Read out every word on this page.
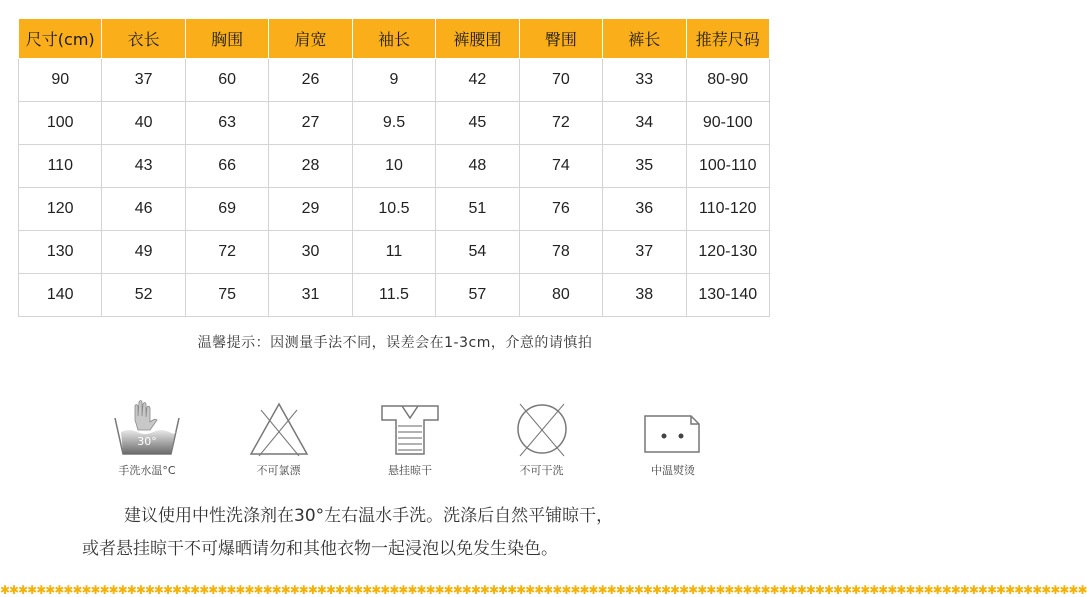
尺寸(cm)	衣长	胸围	肩宽	袖长	裤腰围	臀围	裤长	推荐尺码
90	37	60	26	9	42	70	33	80-90
100	40	63	27	9.5	45	72	34	90-100
110	43	66	28	10	48	74	35	100-110
120	46	69	29	10.5	51	76	36	110-120
130	49	72	30	11	54	78	37	120-130
140	52	75	31	11.5	57	80	38	130-140
温馨提示：因测量手法不同，误差会在1-3cm，介意的请慎拍
30°
手洗水温°C	不可氯漂	悬挂晾干	不可干洗	中温熨烫

建议使用中性洗涤剂在30°左右温水手洗。洗涤后自然平铺晾干，

或者悬挂晾干不可爆晒请勿和其他衣物一起浸泡以免发生染色。

✱✱✱✱✱✱✱✱✱✱✱✱✱✱✱✱✱✱✱✱✱✱✱✱✱✱✱✱✱✱✱✱✱✱✱✱✱✱✱✱✱✱✱✱✱✱✱✱✱✱✱✱✱✱✱✱✱✱✱✱✱✱✱✱✱✱✱✱✱✱✱✱✱✱✱✱✱✱✱✱✱✱✱✱✱✱✱✱✱✱✱✱✱✱✱✱✱✱✱✱✱✱✱✱✱✱✱✱✱✱✱✱✱✱✱✱✱✱✱✱
